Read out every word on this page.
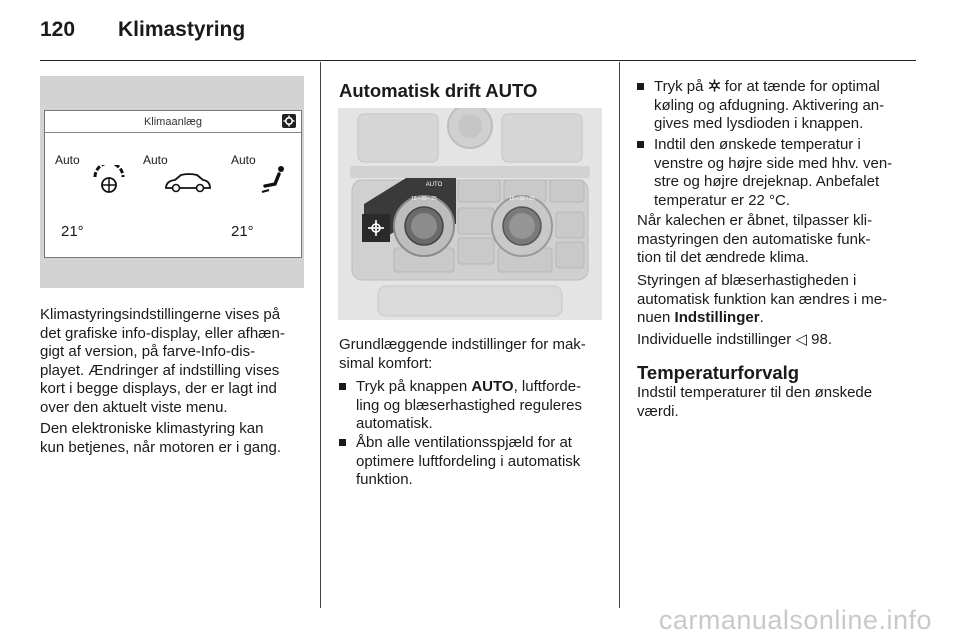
120 Klimastyring
Klimaanlæg
Auto	Auto	Auto
21°	21°
Klimastyringsindstillingerne vises på
det grafiske info-display, eller afhæn-
gigt af version, på farve-Info-dis-
playet. Ændringer af indstilling vises
kort i begge displays, der er lagt ind
over den aktuelt viste menu.
Den elektroniske klimastyring kan
kun betjenes, når motoren er i gang.
Automatisk drift AUTO
AUTO
15 • 22 • 25	15 • 22 • 25
Grundlæggende indstillinger for mak-
simal komfort:
Tryk på knappen AUTO, luftforde-
ling og blæserhastighed reguleres
automatisk.
Åbn alle ventilationsspjæld for at
optimere luftfordeling i automatisk
funktion.
Tryk på  for at tænde for optimal
køling og afdugning. Aktivering an-
gives med lysdioden i knappen.
Indtil den ønskede temperatur i
venstre og højre side med hhv. ven-
stre og højre drejeknap. Anbefalet
temperatur er 22 °C.
Når kalechen er åbnet, tilpasser kli-
mastyringen den automatiske funk-
tion til det ændrede klima.
Styringen af blæserhastigheden i
automatisk funktion kan ændres i me-
nuen Indstillinger.
Individuelle indstillinger ◁ 98.
Temperaturforvalg
Indstil temperaturer til den ønskede
værdi.
carmanualsonline.info
